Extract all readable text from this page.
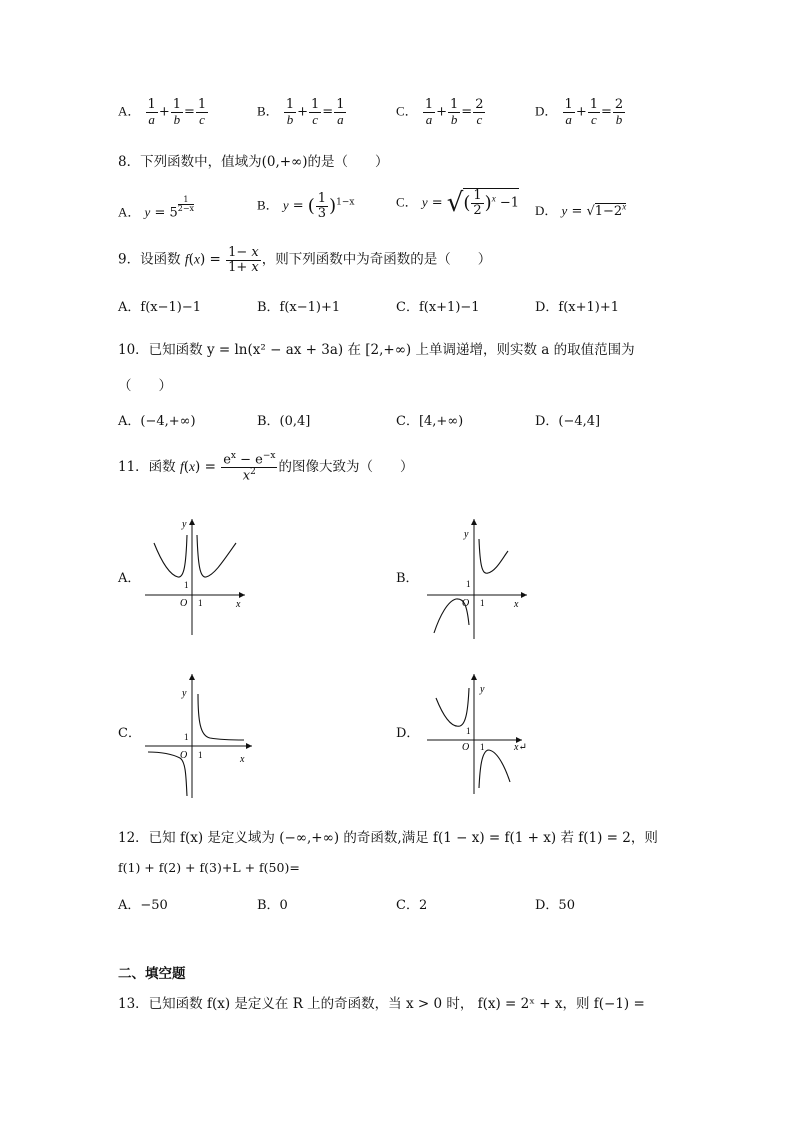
A． $\frac{1}{a} + \frac{1}{b} = \frac{1}{c}$	B． $\frac{1}{b} + \frac{1}{c} = \frac{1}{a}$	C． $\frac{1}{a} + \frac{1}{b} = \frac{2}{c}$	D． $\frac{1}{a} + \frac{1}{c} = \frac{2}{b}$
8．下列函数中，值域为(0,+∞)的是（　　）
A． $y = 5 \frac{1}{2-x}$	B． y = ( $\frac{1}{3} )^{1-x}$	C． y = √( $\frac{1}{2} )^x -1$ D． $y = √1-2^x$
9．设函数 $f(x) = \frac{1- x}{1+ x}$ ，则下列函数中为奇函数的是（　　）
A．f(x−1)−1	B．f(x−1)+1	C．f(x+1)−1	D．f(x+1)+1
10．已知函数 y = ln(x² − ax + 3a) 在 [2,+∞) 上单调递增，则实数 a 的取值范围为
（　　）
A．(−4,+∞)	B．(0,4]	C．[4,+∞)	D．(−4,4]
11．函数 $f(x) = \frac{e^x - e^{-x}}{x^2}$ 的图像大致为（　　）
A．
y
x
O 1
1	B．
y
x
O 1
1
C．
y
x
O 1
1	D．
y
x↵
O 1
1
12．已知 f(x) 是定义域为 (−∞,+∞) 的奇函数,满足 f(1 − x) = f(1 + x) 若 f(1) = 2，则
f(1) + f(2) + f(3)+L + f(50)=
A．−50	B．0	C．2	D．50
二、填空题
13．已知函数 f(x) 是定义在 R 上的奇函数，当 x > 0 时， f(x) = 2ˣ + x，则 f(−1) =
